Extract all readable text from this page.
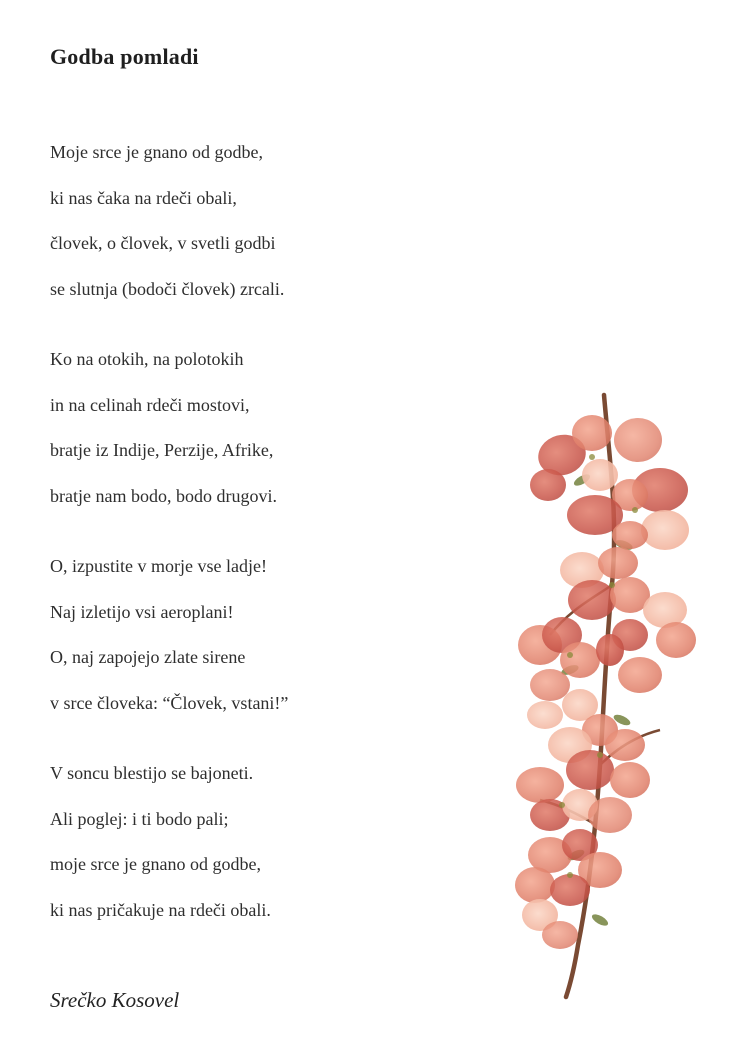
Godba pomladi
Moje srce je gnano od godbe,
ki nas čaka na rdeči obali,
človek, o človek, v svetli godbi
se slutnja (bodoči človek) zrcali.
Ko na otokih, na polotokih
in na celinah rdeči mostovi,
bratje iz Indije, Perzije, Afrike,
bratje nam bodo, bodo drugovi.
O, izpustite v morje vse ladje!
Naj izletijo vsi aeroplani!
O, naj zapojejo zlate sirene
v srce človeka: “Človek, vstani!”
V soncu blestijo se bajoneti.
Ali poglej: i ti bodo pali;
moje srce je gnano od godbe,
ki nas pričakuje na rdeči obali.
Srečko Kosovel
